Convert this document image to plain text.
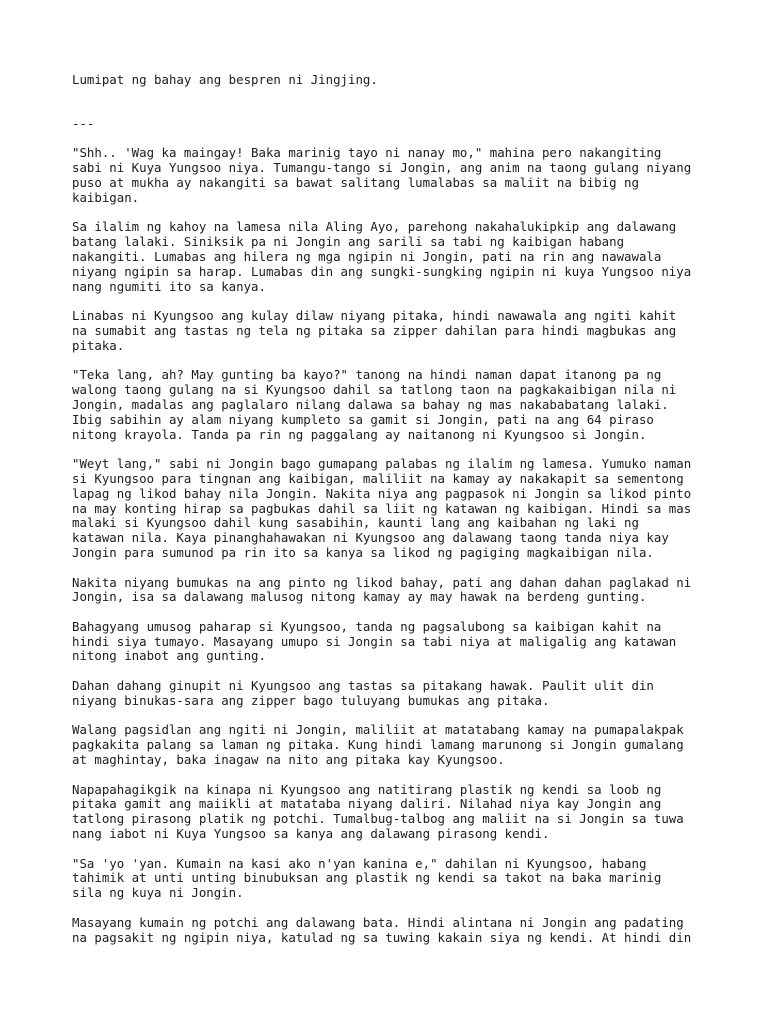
Lumipat ng bahay ang bespren ni Jingjing.
---
"Shh.. 'Wag ka maingay! Baka marinig tayo ni nanay mo," mahina pero nakangiting
sabi ni Kuya Yungsoo niya. Tumangu-tango si Jongin, ang anim na taong gulang niyang
puso at mukha ay nakangiti sa bawat salitang lumalabas sa maliit na bibig ng
kaibigan.
Sa ilalim ng kahoy na lamesa nila Aling Ayo, parehong nakahalukipkip ang dalawang
batang lalaki. Siniksik pa ni Jongin ang sarili sa tabi ng kaibigan habang
nakangiti. Lumabas ang hilera ng mga ngipin ni Jongin, pati na rin ang nawawala
niyang ngipin sa harap. Lumabas din ang sungki-sungking ngipin ni kuya Yungsoo niya
nang ngumiti ito sa kanya.
Linabas ni Kyungsoo ang kulay dilaw niyang pitaka, hindi nawawala ang ngiti kahit
na sumabit ang tastas ng tela ng pitaka sa zipper dahilan para hindi magbukas ang
pitaka.
"Teka lang, ah? May gunting ba kayo?" tanong na hindi naman dapat itanong pa ng
walong taong gulang na si Kyungsoo dahil sa tatlong taon na pagkakaibigan nila ni
Jongin, madalas ang paglalaro nilang dalawa sa bahay ng mas nakababatang lalaki.
Ibig sabihin ay alam niyang kumpleto sa gamit si Jongin, pati na ang 64 piraso
nitong krayola. Tanda pa rin ng paggalang ay naitanong ni Kyungsoo si Jongin.
"Weyt lang," sabi ni Jongin bago gumapang palabas ng ilalim ng lamesa. Yumuko naman
si Kyungsoo para tingnan ang kaibigan, maliliit na kamay ay nakakapit sa sementong
lapag ng likod bahay nila Jongin. Nakita niya ang pagpasok ni Jongin sa likod pinto
na may konting hirap sa pagbukas dahil sa liit ng katawan ng kaibigan. Hindi sa mas
malaki si Kyungsoo dahil kung sasabihin, kaunti lang ang kaibahan ng laki ng
katawan nila. Kaya pinanghahawakan ni Kyungsoo ang dalawang taong tanda niya kay
Jongin para sumunod pa rin ito sa kanya sa likod ng pagiging magkaibigan nila.
Nakita niyang bumukas na ang pinto ng likod bahay, pati ang dahan dahan paglakad ni
Jongin, isa sa dalawang malusog nitong kamay ay may hawak na berdeng gunting.
Bahagyang umusog paharap si Kyungsoo, tanda ng pagsalubong sa kaibigan kahit na
hindi siya tumayo. Masayang umupo si Jongin sa tabi niya at maligalig ang katawan
nitong inabot ang gunting.
Dahan dahang ginupit ni Kyungsoo ang tastas sa pitakang hawak. Paulit ulit din
niyang binukas-sara ang zipper bago tuluyang bumukas ang pitaka.
Walang pagsidlan ang ngiti ni Jongin, maliliit at matatabang kamay na pumapalakpak
pagkakita palang sa laman ng pitaka. Kung hindi lamang marunong si Jongin gumalang
at maghintay, baka inagaw na nito ang pitaka kay Kyungsoo.
Napapahagikgik na kinapa ni Kyungsoo ang natitirang plastik ng kendi sa loob ng
pitaka gamit ang maiikli at matataba niyang daliri. Nilahad niya kay Jongin ang
tatlong pirasong platik ng potchi. Tumalbug-talbog ang maliit na si Jongin sa tuwa
nang iabot ni Kuya Yungsoo sa kanya ang dalawang pirasong kendi.
"Sa 'yo 'yan. Kumain na kasi ako n'yan kanina e," dahilan ni Kyungsoo, habang
tahimik at unti unting binubuksan ang plastik ng kendi sa takot na baka marinig
sila ng kuya ni Jongin.
Masayang kumain ng potchi ang dalawang bata. Hindi alintana ni Jongin ang padating
na pagsakit ng ngipin niya, katulad ng sa tuwing kakain siya ng kendi. At hindi din
